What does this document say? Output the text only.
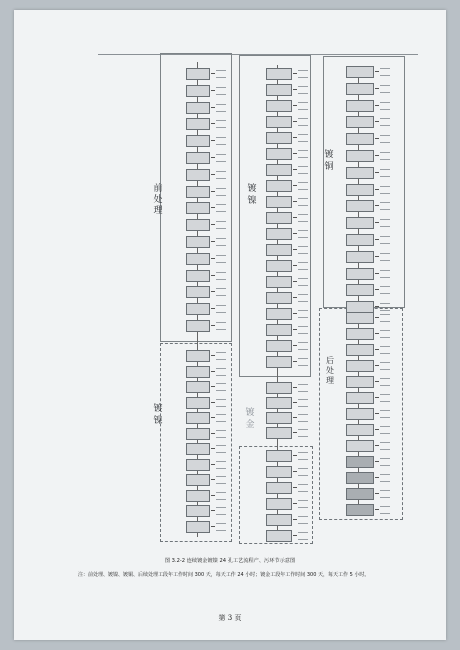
前处理
镀
镍
镀
镍
镀
铜
镀
金
后处理
图 3.2-2 连续镀金镀镍 24 孔工艺流程产、污环节示意图
注：前处理、镀镍、镀铜、后续处理工段年工作时间 300 天，每天工作 24 小时；镀金工段年工作时间 300 天，每天工作 5 小时。
第 3 页
